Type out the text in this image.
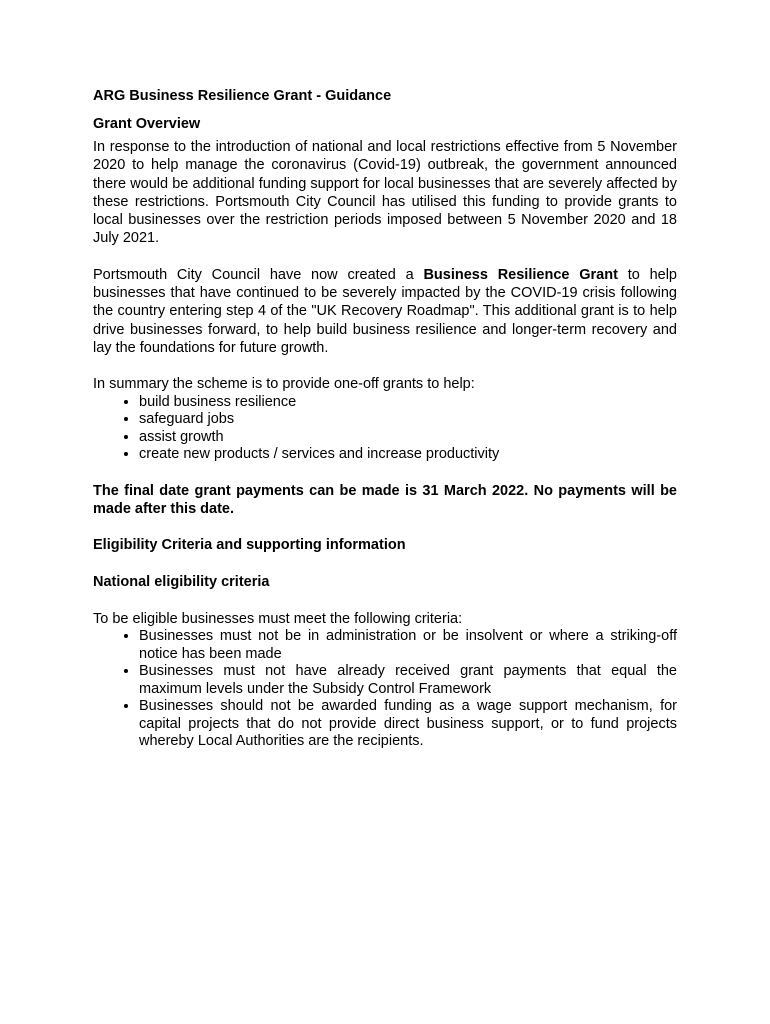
ARG Business Resilience Grant - Guidance
Grant Overview

In response to the introduction of national and local restrictions effective from 5 November 2020 to help manage the coronavirus (Covid-19) outbreak, the government announced there would be additional funding support for local businesses that are severely affected by these restrictions. Portsmouth City Council has utilised this funding to provide grants to local businesses over the restriction periods imposed between 5 November 2020 and 18 July 2021.

Portsmouth City Council have now created a Business Resilience Grant to help businesses that have continued to be severely impacted by the COVID-19 crisis following the country entering step 4 of the "UK Recovery Roadmap". This additional grant is to help drive businesses forward, to help build business resilience and longer-term recovery and lay the foundations for future growth.

In summary the scheme is to provide one-off grants to help:

• build business resilience
• safeguard jobs
• assist growth
• create new products / services and increase productivity

The final date grant payments can be made is 31 March 2022. No payments will be made after this date.

Eligibility Criteria and supporting information
National eligibility criteria

To be eligible businesses must meet the following criteria:

• Businesses must not be in administration or be insolvent or where a striking-off notice has been made
• Businesses must not have already received grant payments that equal the maximum levels under the Subsidy Control Framework
• Businesses should not be awarded funding as a wage support mechanism, for capital projects that do not provide direct business support, or to fund projects whereby Local Authorities are the recipients.
